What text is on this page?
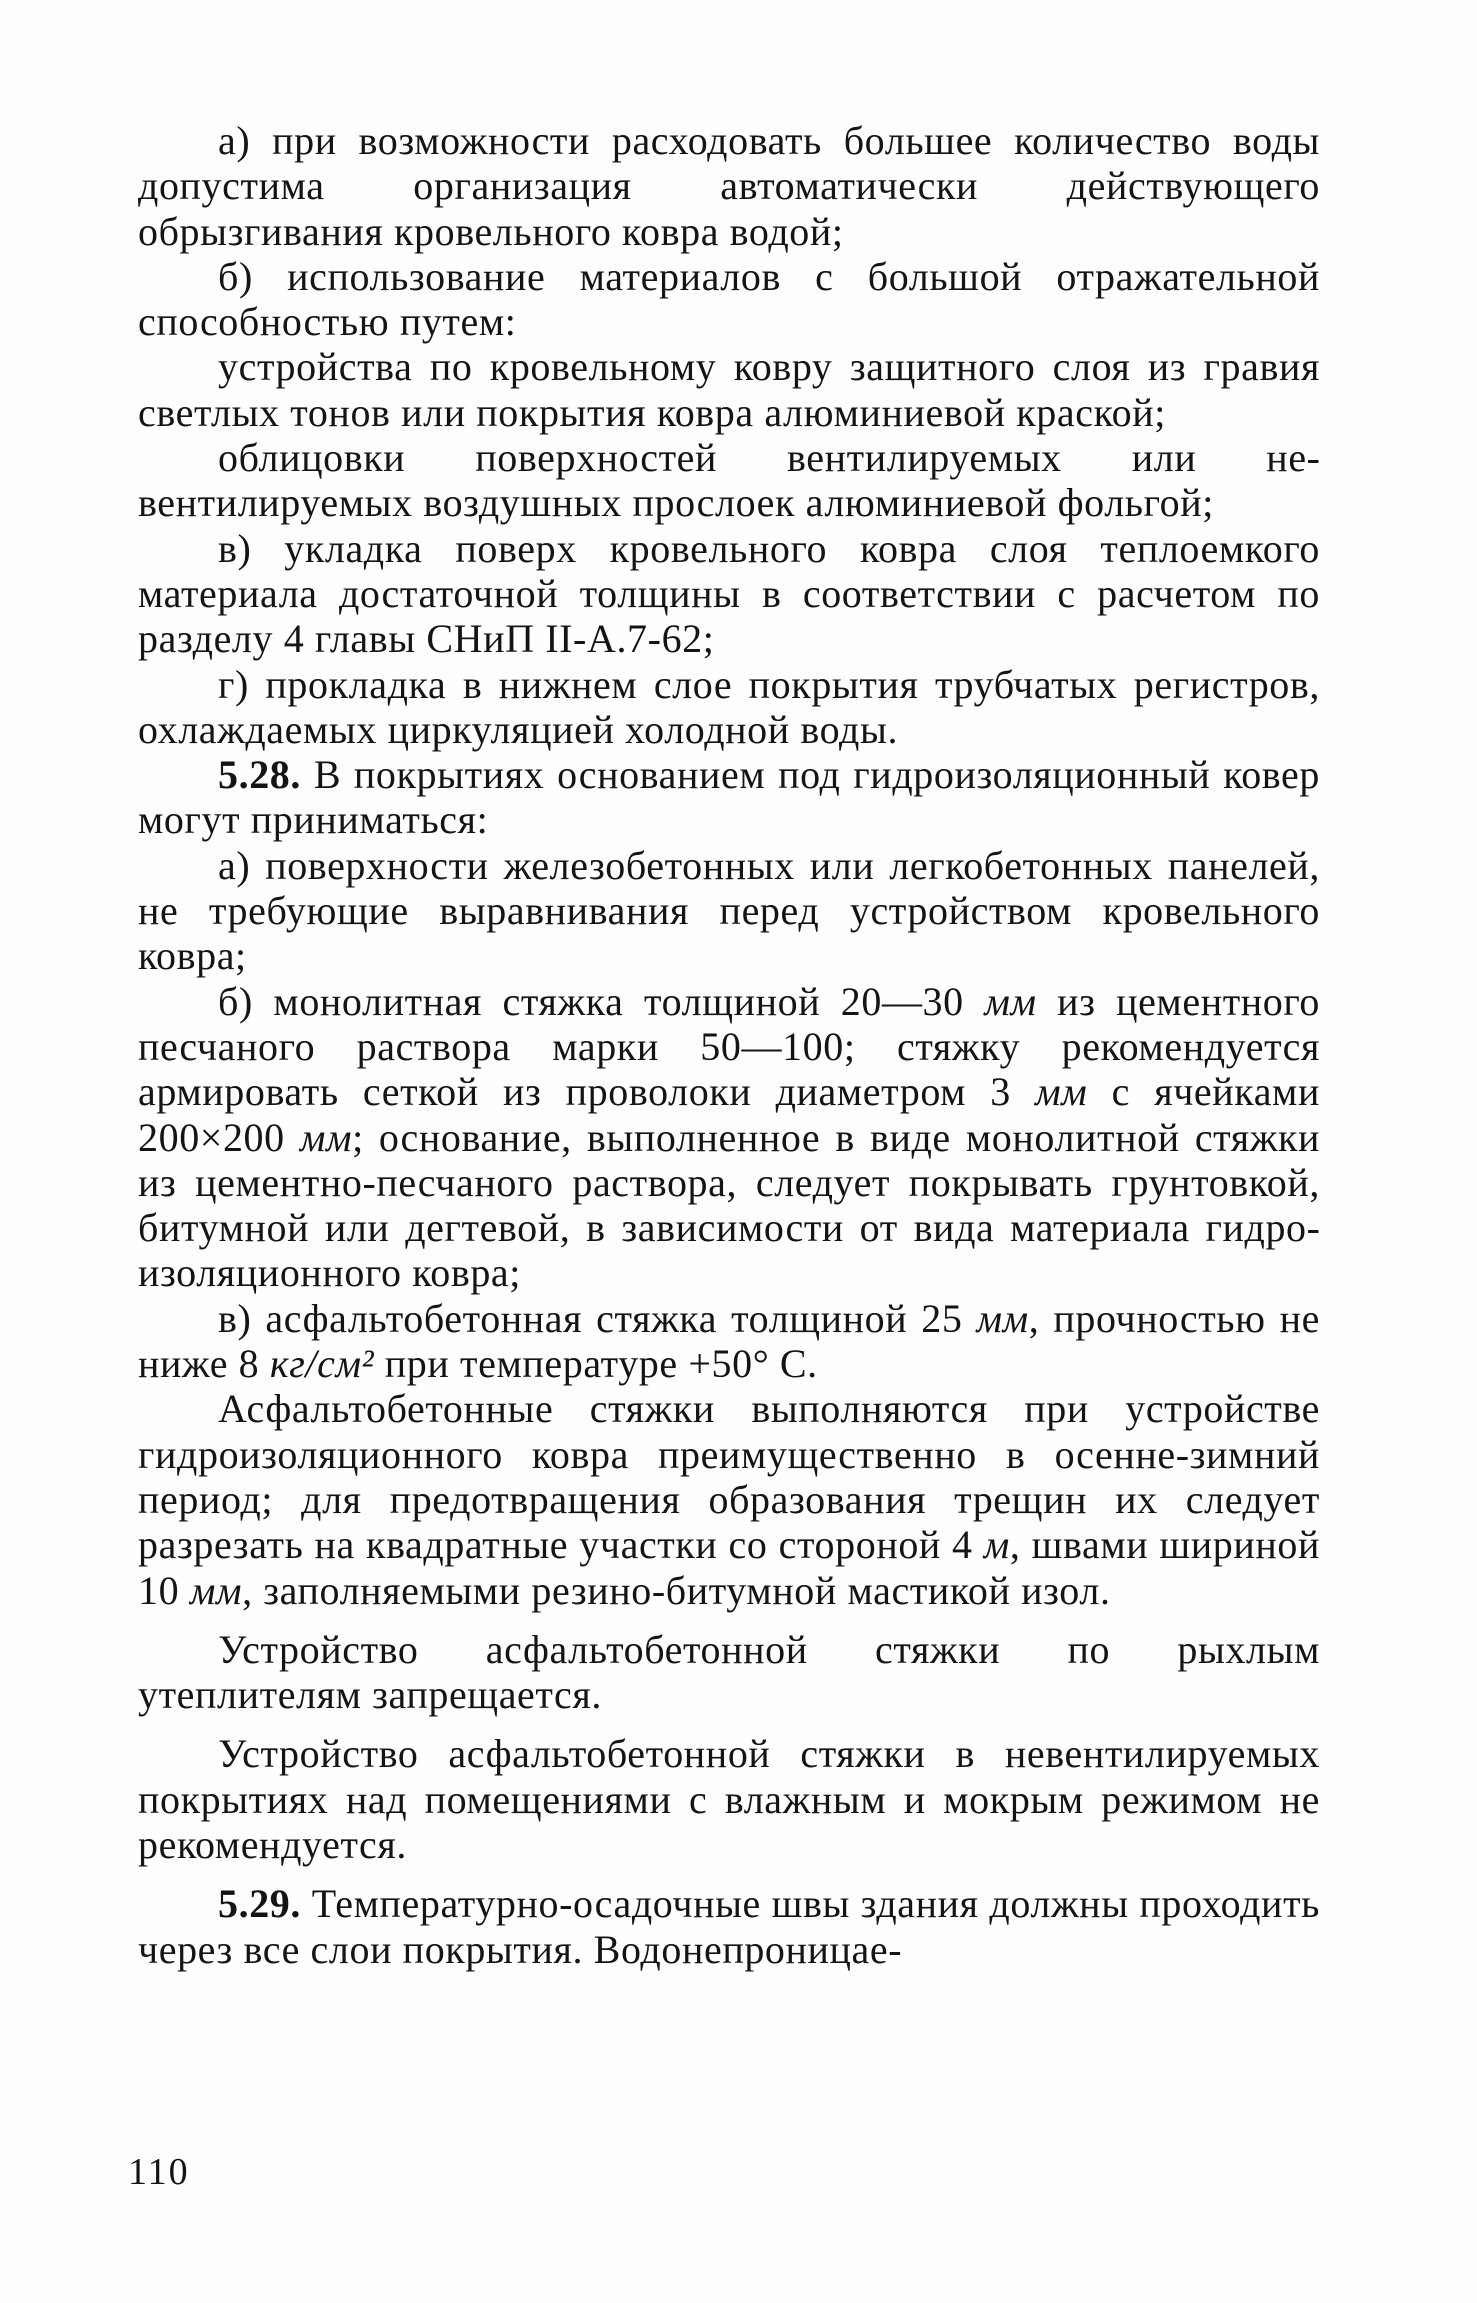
а) при возможности расходовать большее количество воды допустима организация автоматически действующего обрызгивания кровельного ковра водой;

б) использование материалов с большой отражательной способностью путем:

устройства по кровельному ковру защитного слоя из гравия светлых тонов или покрытия ковра алюминиевой краской;

облицовки поверхностей вентилируемых или невентилируемых воздушных прослоек алюминиевой фольгой;

в) укладка поверх кровельного ковра слоя теплоемкого материала достаточной толщины в соответствии с расчетом по разделу 4 главы СНиП II-А.7-62;

г) прокладка в нижнем слое покрытия трубчатых регистров, охлаждаемых циркуляцией холодной воды.

5.28. В покрытиях основанием под гидроизоляционный ковер могут приниматься:

а) поверхности железобетонных или легкобетонных панелей, не требующие выравнивания перед устройством кровельного ковра;

б) монолитная стяжка толщиной 20—30 мм из цементного песчаного раствора марки 50—100; стяжку рекомендуется армировать сеткой из проволоки диаметром 3 мм с ячейками 200×200 мм; основание, выполненное в виде монолитной стяжки из цементно-песчаного раствора, следует покрывать грунтовкой, битумной или дегтевой, в зависимости от вида материала гидроизоляционного ковра;

в) асфальтобетонная стяжка толщиной 25 мм, прочностью не ниже 8 кг/см² при температуре +50° С.

Асфальтобетонные стяжки выполняются при устройстве гидроизоляционного ковра преимущественно в осенне-зимний период; для предотвращения образования трещин их следует разрезать на квадратные участки со стороной 4 м, швами шириной 10 мм, заполняемыми резино-битумной мастикой изол.

Устройство асфальтобетонной стяжки по рыхлым утеплителям запрещается.

Устройство асфальтобетонной стяжки в невентилируемых покрытиях над помещениями с влажным и мокрым режимом не рекомендуется.

5.29. Температурно-осадочные швы здания должны проходить через все слои покрытия. Водонепроницае-

110
